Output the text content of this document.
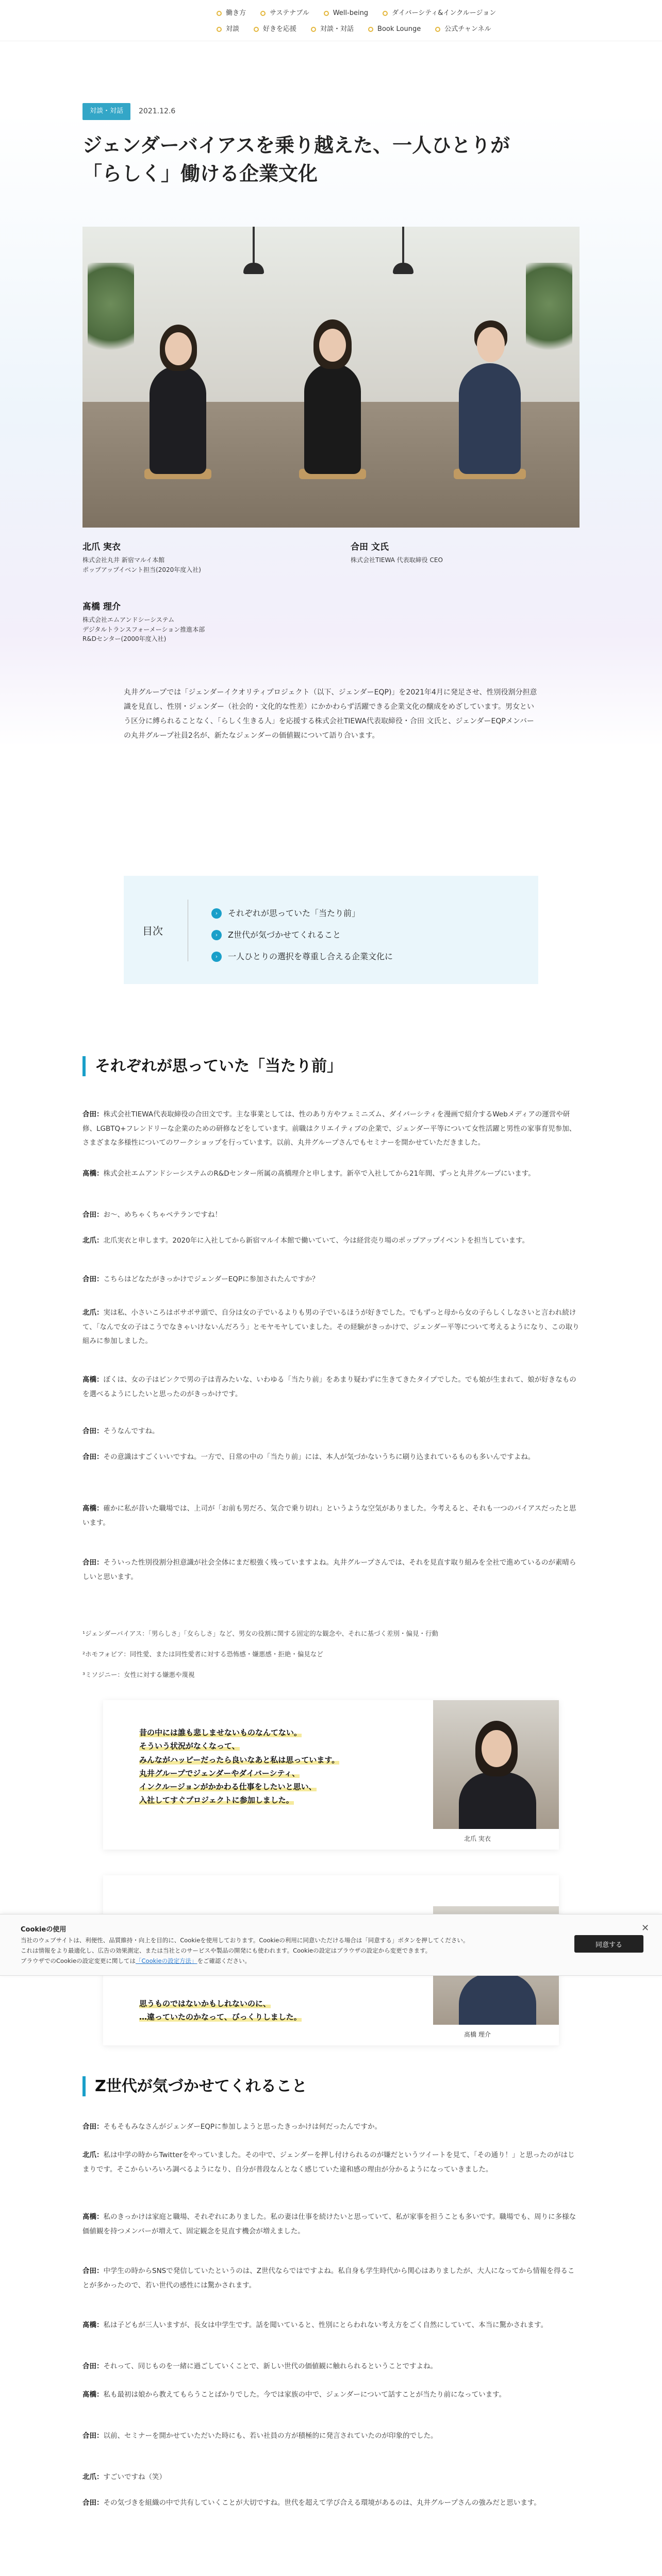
働き方	サステナブル	Well-being	ダイバーシティ&インクルージョン
対談	好きを応援	対談・対話	Book Lounge	公式チャンネル
対談・対話	2021.12.6
ジェンダーバイアスを乗り越えた、一人ひとりが
「らしく」働ける企業文化
北爪 実衣
株式会社丸井 新宿マルイ本館
ポップアップイベント担当(2020年度入社)
合田 文氏
株式会社TIEWA 代表取締役 CEO
髙橋 理介
株式会社エムアンドシーシステム
デジタルトランスフォーメーション推進本部
R&Dセンター(2000年度入社)

丸井グループでは「ジェンダーイクオリティプロジェクト（以下、ジェンダーEQP)」を2021年4月に発足させ、性別役割分担意識を見直し、性別・ジェンダー（社会的・文化的な性差）にかかわらず活躍できる企業文化の醸成をめざしています。男女という区分に縛られることなく、「らしく生きる人」を応援する株式会社TIEWA代表取締役・合田 文氏と、ジェンダーEQPメンバーの丸井グループ社員2名が、新たなジェンダーの価値観について語り合います。

目次
›	それぞれが思っていた「当たり前」
›	Z世代が気づかせてくれること
›	一人ひとりの選択を尊重し合える企業文化に
それぞれが思っていた「当たり前」

合田：株式会社TIEWA代表取締役の合田文です。主な事業としては、性のあり方やフェミニズム、ダイバーシティを漫画で紹介するWebメディアの運営や研修、LGBTQ+フレンドリーな企業のための研修などをしています。前職はクリエイティブの企業で、ジェンダー平等について女性活躍と男性の家事育児参加、さまざまな多様性についてのワークショップを行っています。以前、丸井グループさんでもセミナーを開かせていただきました。

髙橋：株式会社エムアンドシーシステムのR&Dセンター所属の髙橋理介と申します。新卒で入社してから21年間、ずっと丸井グループにいます。

合田：お～、めちゃくちゃベテランですね！

北爪：北爪実衣と申します。2020年に入社してから新宿マルイ本館で働いていて、今は経営売り場のポップアップイベントを担当しています。

合田：こちらはどなたがきっかけでジェンダーEQPに参加されたんですか？

北爪：実は私、小さいころはボサボサ頭で、自分は女の子でいるよりも男の子でいるほうが好きでした。でもずっと母から女の子らしくしなさいと言われ続けて、「なんで女の子はこうでなきゃいけないんだろう」とモヤモヤしていました。その経験がきっかけで、ジェンダー平等について考えるようになり、この取り組みに参加しました。

髙橋：ぼくは、女の子はピンクで男の子は青みたいな、いわゆる「当たり前」をあまり疑わずに生きてきたタイプでした。でも娘が生まれて、娘が好きなものを選べるようにしたいと思ったのがきっかけです。

合田：そうなんですね。

合田：その意識はすごくいいですね。一方で、日常の中の「当たり前」には、本人が気づかないうちに刷り込まれているものも多いんですよね。

髙橋：確かに私が昔いた職場では、上司が「お前も男だろ、気合で乗り切れ」というような空気がありました。今考えると、それも一つのバイアスだったと思います。

合田：そういった性別役割分担意識が社会全体にまだ根強く残っていますよね。丸井グループさんでは、それを見直す取り組みを全社で進めているのが素晴らしいと思います。

¹ジェンダーバイアス：「男らしさ」「女らしさ」など、男女の役割に関する固定的な観念や、それに基づく差別・偏見・行動

²ホモフォビア：同性愛、または同性愛者に対する恐怖感・嫌悪感・拒絶・偏見など

³ミソジニー：女性に対する嫌悪や蔑視

昔の中には誰も悲しませないものなんてない。
そういう状況がなくなって、
みんながハッピーだったら良いなあと私は思っています。
丸井グループでジェンダーやダイバーシティ、
インクルージョンがかかわる仕事をしたいと思い、
入社してすぐプロジェクトに参加しました。
北爪 実衣
思うものではないかもしれないのに、
…違っていたのかなって、びっくりしました。
髙橋 理介
Cookieの使用
当社のウェブサイトは、利便性、品質維持・向上を目的に、Cookieを使用しております。Cookieの利用に同意いただける場合は「同意する」ボタンを押してください。
これは情報をより最適化し、広告の効果測定、または当社とのサービスや製品の開発にも使われます。Cookieの設定はブラウザの設定から変更できます。
ブラウザでのCookieの設定変更に関しては「Cookieの設定方法」をご確認ください。
同意する
✕
Z世代が気づかせてくれること

合田：そもそもみなさんがジェンダーEQPに参加しようと思ったきっかけは何だったんですか。

北爪：私は中学の時からTwitterをやっていました。その中で、ジェンダーを押し付けられるのが嫌だというツイートを見て、「その通り！」と思ったのがはじまりです。そこからいろいろ調べるようになり、自分が普段なんとなく感じていた違和感の理由が分かるようになっていきました。

髙橋：私のきっかけは家庭と職場、それぞれにありました。私の妻は仕事を続けたいと思っていて、私が家事を担うことも多いです。職場でも、周りに多様な価値観を持つメンバーが増えて、固定観念を見直す機会が増えました。

合田：中学生の時からSNSで発信していたというのは、Z世代ならではですよね。私自身も学生時代から関心はありましたが、大人になってから情報を得ることが多かったので、若い世代の感性には驚かされます。

髙橋：私は子どもが三人いますが、長女は中学生です。話を聞いていると、性別にとらわれない考え方をごく自然にしていて、本当に驚かされます。

合田：それって、同じものを一緒に過ごしていくことで、新しい世代の価値観に触れられるということですよね。

髙橋：私も最初は娘から教えてもらうことばかりでした。今では家族の中で、ジェンダーについて話すことが当たり前になっています。

合田：以前、セミナーを開かせていただいた時にも、若い社員の方が積極的に発言されていたのが印象的でした。

北爪：すごいですね（笑）

合田：その気づきを組織の中で共有していくことが大切ですね。世代を超えて学び合える環境があるのは、丸井グループさんの強みだと思います。
